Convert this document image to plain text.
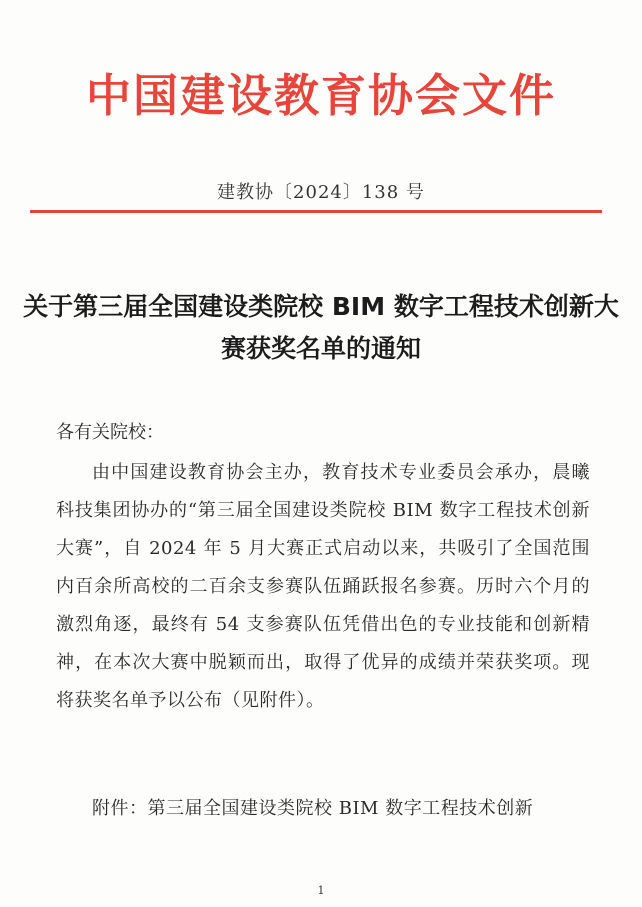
中国建设教育协会文件
建教协〔2024〕138 号
关于第三届全国建设类院校 BIM 数字工程技术创新大赛获奖名单的通知
各有关院校：
由中国建设教育协会主办，教育技术专业委员会承办，晨曦科技集团协办的“第三届全国建设类院校 BIM 数字工程技术创新大赛”，自 2024 年 5 月大赛正式启动以来，共吸引了全国范围内百余所高校的二百余支参赛队伍踊跃报名参赛。历时六个月的激烈角逐，最终有 54 支参赛队伍凭借出色的专业技能和创新精神，在本次大赛中脱颖而出，取得了优异的成绩并荣获奖项。现将获奖名单予以公布（见附件）。
附件：第三届全国建设类院校 BIM 数字工程技术创新
1
